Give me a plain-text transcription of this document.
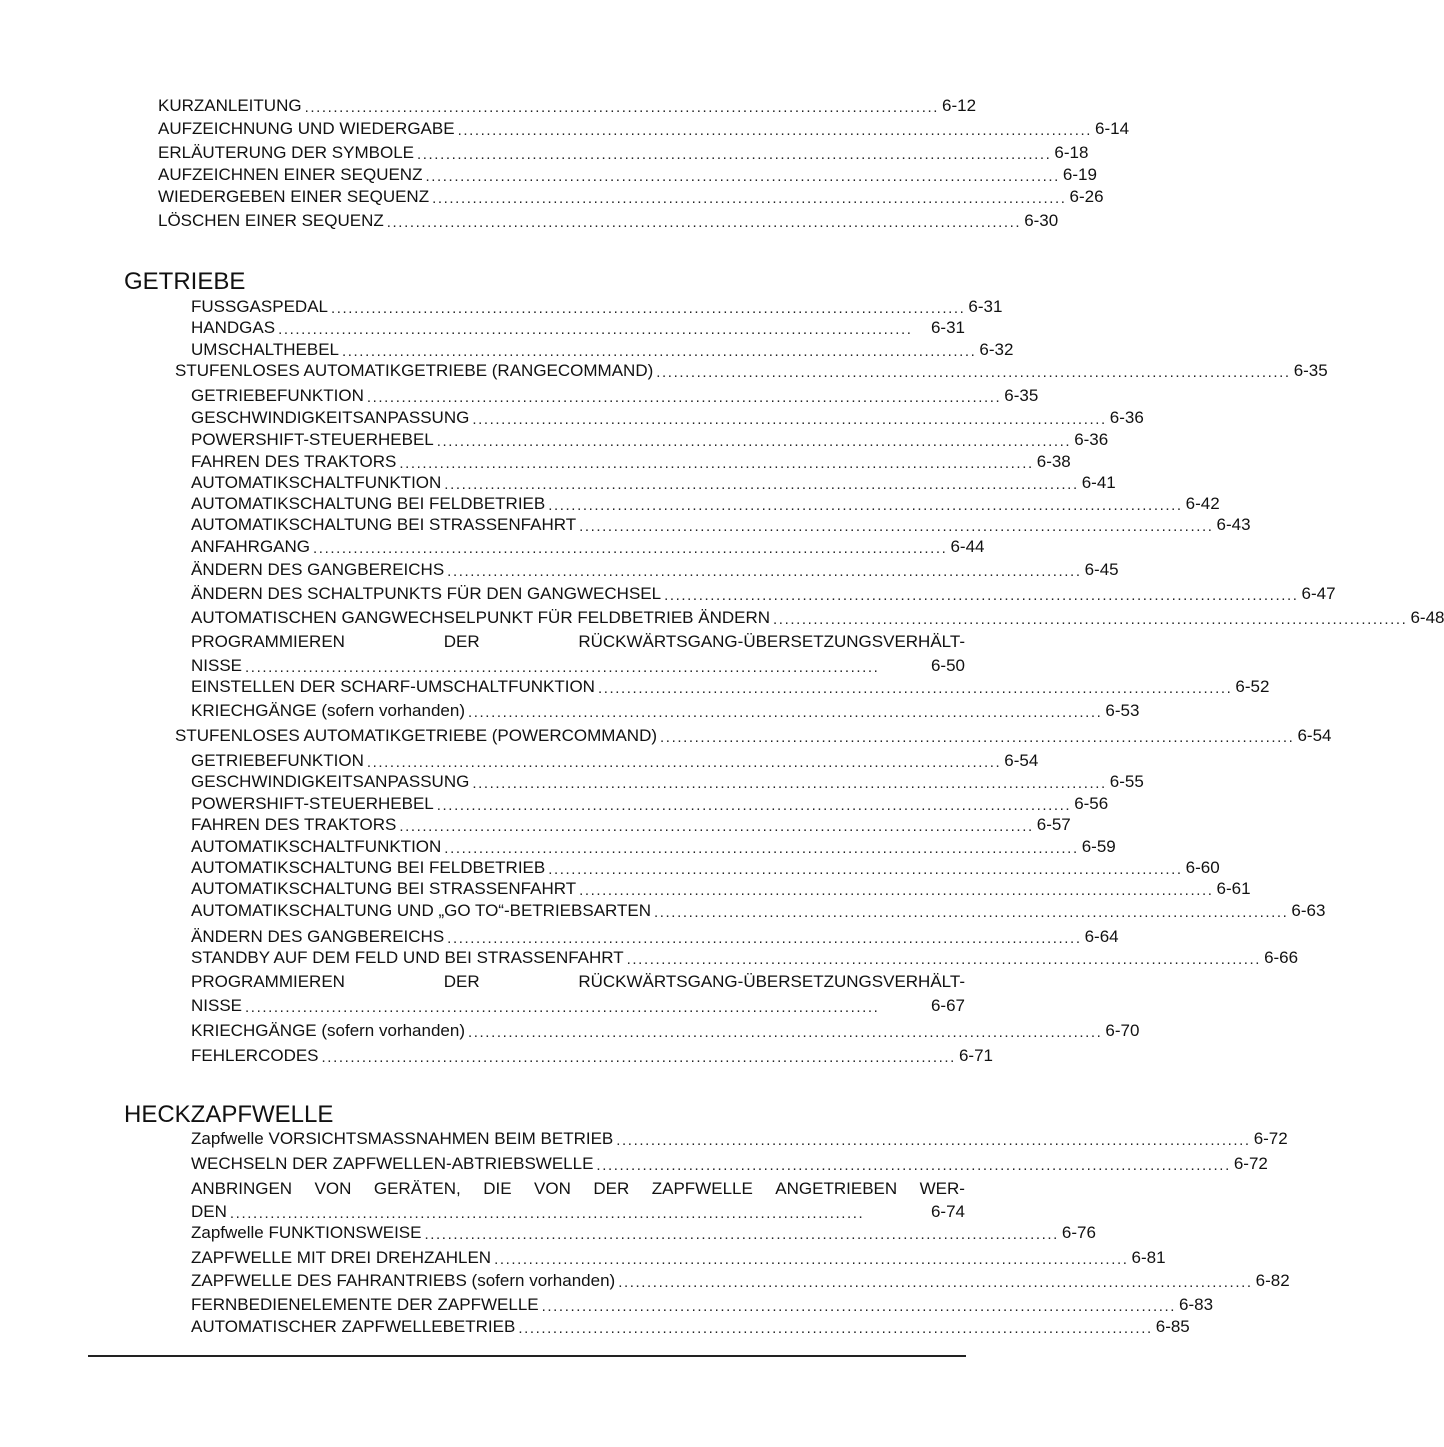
KURZANLEITUNG .............................................................................................................. 6-12
AUFZEICHNUNG UND WIEDERGABE .............................................................................................................. 6-14
ERLÄUTERUNG DER SYMBOLE .............................................................................................................. 6-18
AUFZEICHNEN EINER SEQUENZ .............................................................................................................. 6-19
WIEDERGEBEN EINER SEQUENZ .............................................................................................................. 6-26
LÖSCHEN EINER SEQUENZ .............................................................................................................. 6-30
GETRIEBE
FUSSGASPEDAL .............................................................................................................. 6-31
HANDGAS ..............................................................................................................	6-31
UMSCHALTHEBEL .............................................................................................................. 6-32
STUFENLOSES AUTOMATIKGETRIEBE (RANGECOMMAND) .............................................................................................................. 6-35
GETRIEBEFUNKTION .............................................................................................................. 6-35
GESCHWINDIGKEITSANPASSUNG .............................................................................................................. 6-36
POWERSHIFT-STEUERHEBEL .............................................................................................................. 6-36
FAHREN DES TRAKTORS .............................................................................................................. 6-38
AUTOMATIKSCHALTFUNKTION .............................................................................................................. 6-41
AUTOMATIKSCHALTUNG BEI FELDBETRIEB .............................................................................................................. 6-42
AUTOMATIKSCHALTUNG BEI STRASSENFAHRT .............................................................................................................. 6-43
ANFAHRGANG .............................................................................................................. 6-44
ÄNDERN DES GANGBEREICHS .............................................................................................................. 6-45
ÄNDERN DES SCHALTPUNKTS FÜR DEN GANGWECHSEL .............................................................................................................. 6-47
AUTOMATISCHEN GANGWECHSELPUNKT FÜR FELDBETRIEB ÄNDERN .............................................................................................................. 6-48
PROGRAMMIEREN	DER	RÜCKWÄRTSGANG-ÜBERSETZUNGSVERHÄLT-
NISSE ..............................................................................................................	6-50
EINSTELLEN DER SCHARF-UMSCHALTFUNKTION .............................................................................................................. 6-52
KRIECHGÄNGE (sofern vorhanden) .............................................................................................................. 6-53
STUFENLOSES AUTOMATIKGETRIEBE (POWERCOMMAND) .............................................................................................................. 6-54
GETRIEBEFUNKTION .............................................................................................................. 6-54
GESCHWINDIGKEITSANPASSUNG .............................................................................................................. 6-55
POWERSHIFT-STEUERHEBEL .............................................................................................................. 6-56
FAHREN DES TRAKTORS .............................................................................................................. 6-57
AUTOMATIKSCHALTFUNKTION .............................................................................................................. 6-59
AUTOMATIKSCHALTUNG BEI FELDBETRIEB .............................................................................................................. 6-60
AUTOMATIKSCHALTUNG BEI STRASSENFAHRT .............................................................................................................. 6-61
AUTOMATIKSCHALTUNG UND „GO TO“-BETRIEBSARTEN .............................................................................................................. 6-63
ÄNDERN DES GANGBEREICHS .............................................................................................................. 6-64
STANDBY AUF DEM FELD UND BEI STRASSENFAHRT .............................................................................................................. 6-66
PROGRAMMIEREN	DER	RÜCKWÄRTSGANG-ÜBERSETZUNGSVERHÄLT-
NISSE ..............................................................................................................	6-67
KRIECHGÄNGE (sofern vorhanden) .............................................................................................................. 6-70
FEHLERCODES .............................................................................................................. 6-71
HECKZAPFWELLE
Zapfwelle VORSICHTSMASSNAHMEN BEIM BETRIEB .............................................................................................................. 6-72
WECHSELN DER ZAPFWELLEN-ABTRIEBSWELLE .............................................................................................................. 6-72
ANBRINGEN VON GERÄTEN, DIE VON DER ZAPFWELLE ANGETRIEBEN WER-
DEN ..............................................................................................................	6-74
Zapfwelle FUNKTIONSWEISE .............................................................................................................. 6-76
ZAPFWELLE MIT DREI DREHZAHLEN .............................................................................................................. 6-81
ZAPFWELLE DES FAHRANTRIEBS (sofern vorhanden) .............................................................................................................. 6-82
FERNBEDIENELEMENTE DER ZAPFWELLE .............................................................................................................. 6-83
AUTOMATISCHER ZAPFWELLEBETRIEB .............................................................................................................. 6-85
